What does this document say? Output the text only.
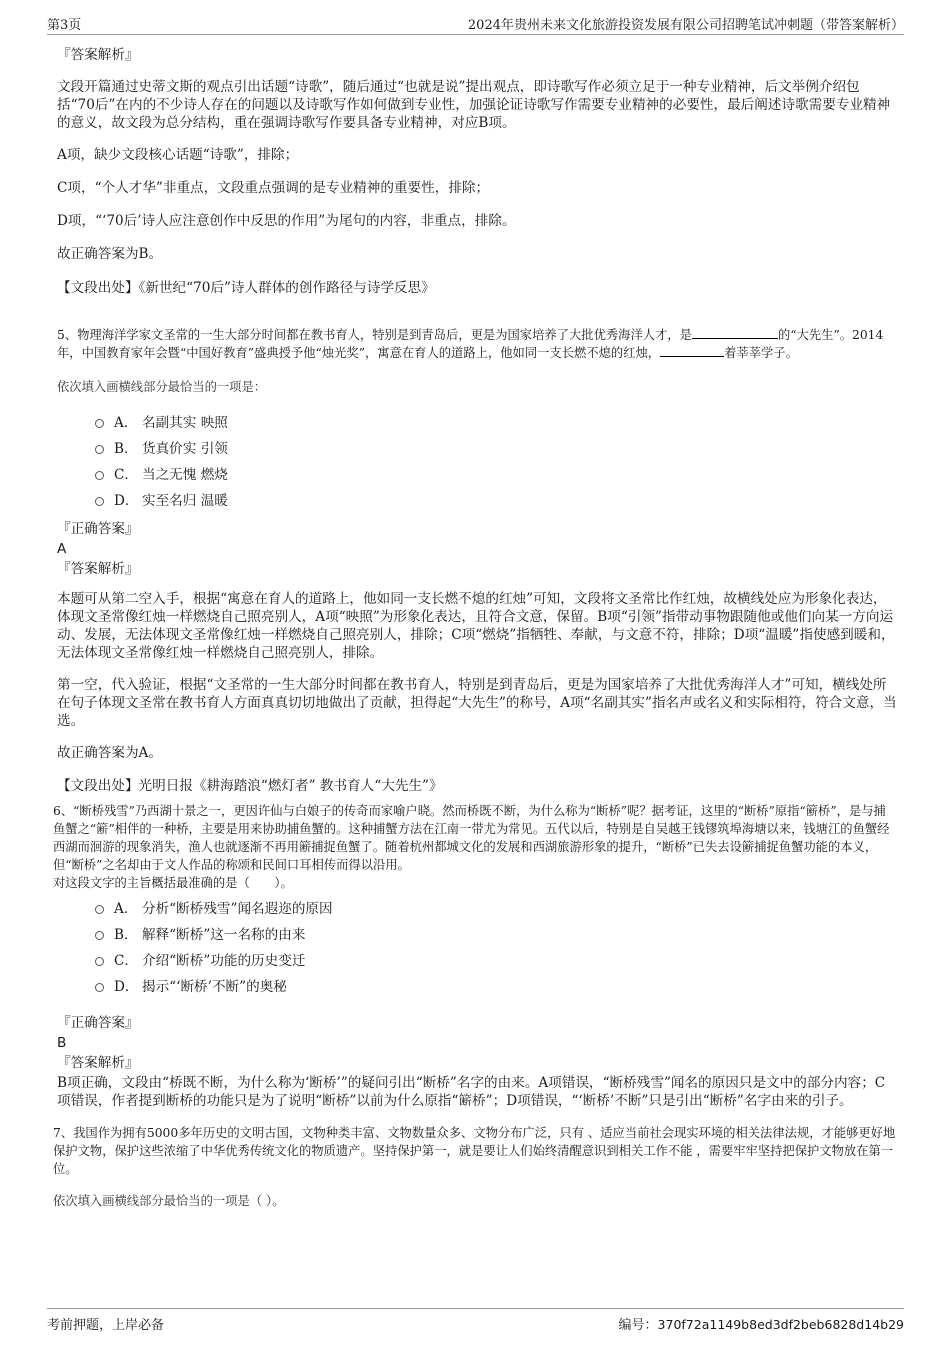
第3页	2024年贵州未来文化旅游投资发展有限公司招聘笔试冲刺题（带答案解析）
『答案解析』
文段开篇通过史蒂文斯的观点引出话题“诗歌”，随后通过“也就是说”提出观点，即诗歌写作必须立足于一种专业精神，后文举例介绍包括“70后”在内的不少诗人存在的问题以及诗歌写作如何做到专业性，加强论证诗歌写作需要专业精神的必要性，最后阐述诗歌需要专业精神的意义，故文段为总分结构，重在强调诗歌写作要具备专业精神，对应B项。
A项，缺少文段核心话题“诗歌”，排除；
C项，“个人才华”非重点，文段重点强调的是专业精神的重要性，排除；
D项，“‘70后’诗人应注意创作中反思的作用”为尾句的内容，非重点，排除。
故正确答案为B。
【文段出处】《新世纪“70后”诗人群体的创作路径与诗学反思》
5、物理海洋学家文圣常的一生大部分时间都在教书育人，特别是到青岛后，更是为国家培养了大批优秀海洋人才，是	的“大先生”。2014年，中国教育家年会暨“中国好教育”盛典授予他“烛光奖”，寓意在育人的道路上，他如同一支长燃不熄的红烛，	着莘莘学子。
依次填入画横线部分最恰当的一项是：
A． 名副其实 映照
B． 货真价实 引领
C． 当之无愧 燃烧
D． 实至名归 温暖
『正确答案』
A
『答案解析』
本题可从第二空入手，根据“寓意在育人的道路上，他如同一支长燃不熄的红烛”可知，文段将文圣常比作红烛，故横线处应为形象化表达，体现文圣常像红烛一样燃烧自己照亮别人，A项“映照”为形象化表达，且符合文意，保留。B项“引领”指带动事物跟随他或他们向某一方向运动、发展，无法体现文圣常像红烛一样燃烧自己照亮别人，排除；C项“燃烧”指牺牲、奉献，与文意不符，排除；D项“温暖”指使感到暖和，无法体现文圣常像红烛一样燃烧自己照亮别人，排除。
第一空，代入验证，根据“文圣常的一生大部分时间都在教书育人，特别是到青岛后，更是为国家培养了大批优秀海洋人才”可知，横线处所在句子体现文圣常在教书育人方面真真切切地做出了贡献，担得起“大先生”的称号，A项“名副其实”指名声或名义和实际相符，符合文意，当选。
故正确答案为A。
【文段出处】光明日报《耕海踏浪“燃灯者” 教书育人“大先生”》
6、“断桥残雪”乃西湖十景之一，更因许仙与白娘子的传奇而家喻户晓。然而桥既不断，为什么称为“断桥”呢？据考证，这里的“断桥”原指“簖桥”，是与捕鱼蟹之“簖”相伴的一种桥，主要是用来协助捕鱼蟹的。这种捕蟹方法在江南一带尤为常见。五代以后，特别是自吴越王钱镠筑埠海塘以来，钱塘江的鱼蟹经西湖而洄游的现象消失，渔人也就逐渐不再用簖捕捉鱼蟹了。随着杭州都城文化的发展和西湖旅游形象的提升，“断桥”已失去设簖捕捉鱼蟹功能的本义，但“断桥”之名却由于文人作品的称颂和民间口耳相传而得以沿用。
对这段文字的主旨概括最准确的是（　　）。
A． 分析“断桥残雪”闻名遐迩的原因
B． 解释“断桥”这一名称的由来
C． 介绍“断桥”功能的历史变迁
D． 揭示“‘断桥’不断”的奥秘
『正确答案』
B
『答案解析』
B项正确，文段由“桥既不断，为什么称为‘断桥’”的疑问引出“断桥”名字的由来。A项错误，“断桥残雪”闻名的原因只是文中的部分内容；C项错误，作者提到断桥的功能只是为了说明“断桥”以前为什么原指“簖桥”；D项错误，“‘断桥’不断”只是引出“断桥”名字由来的引子。
7、我国作为拥有5000多年历史的文明古国，文物种类丰富、文物数量众多、文物分布广泛，只有 、适应当前社会现实环境的相关法律法规，才能够更好地保护文物，保护这些浓缩了中华优秀传统文化的物质遗产。坚持保护第一，就是要让人们始终清醒意识到相关工作不能 ，需要牢牢坚持把保护文物放在第一位。
依次填入画横线部分最恰当的一项是（ ）。
考前押题，上岸必备	编号：370f72a1149b8ed3df2beb6828d14b29
